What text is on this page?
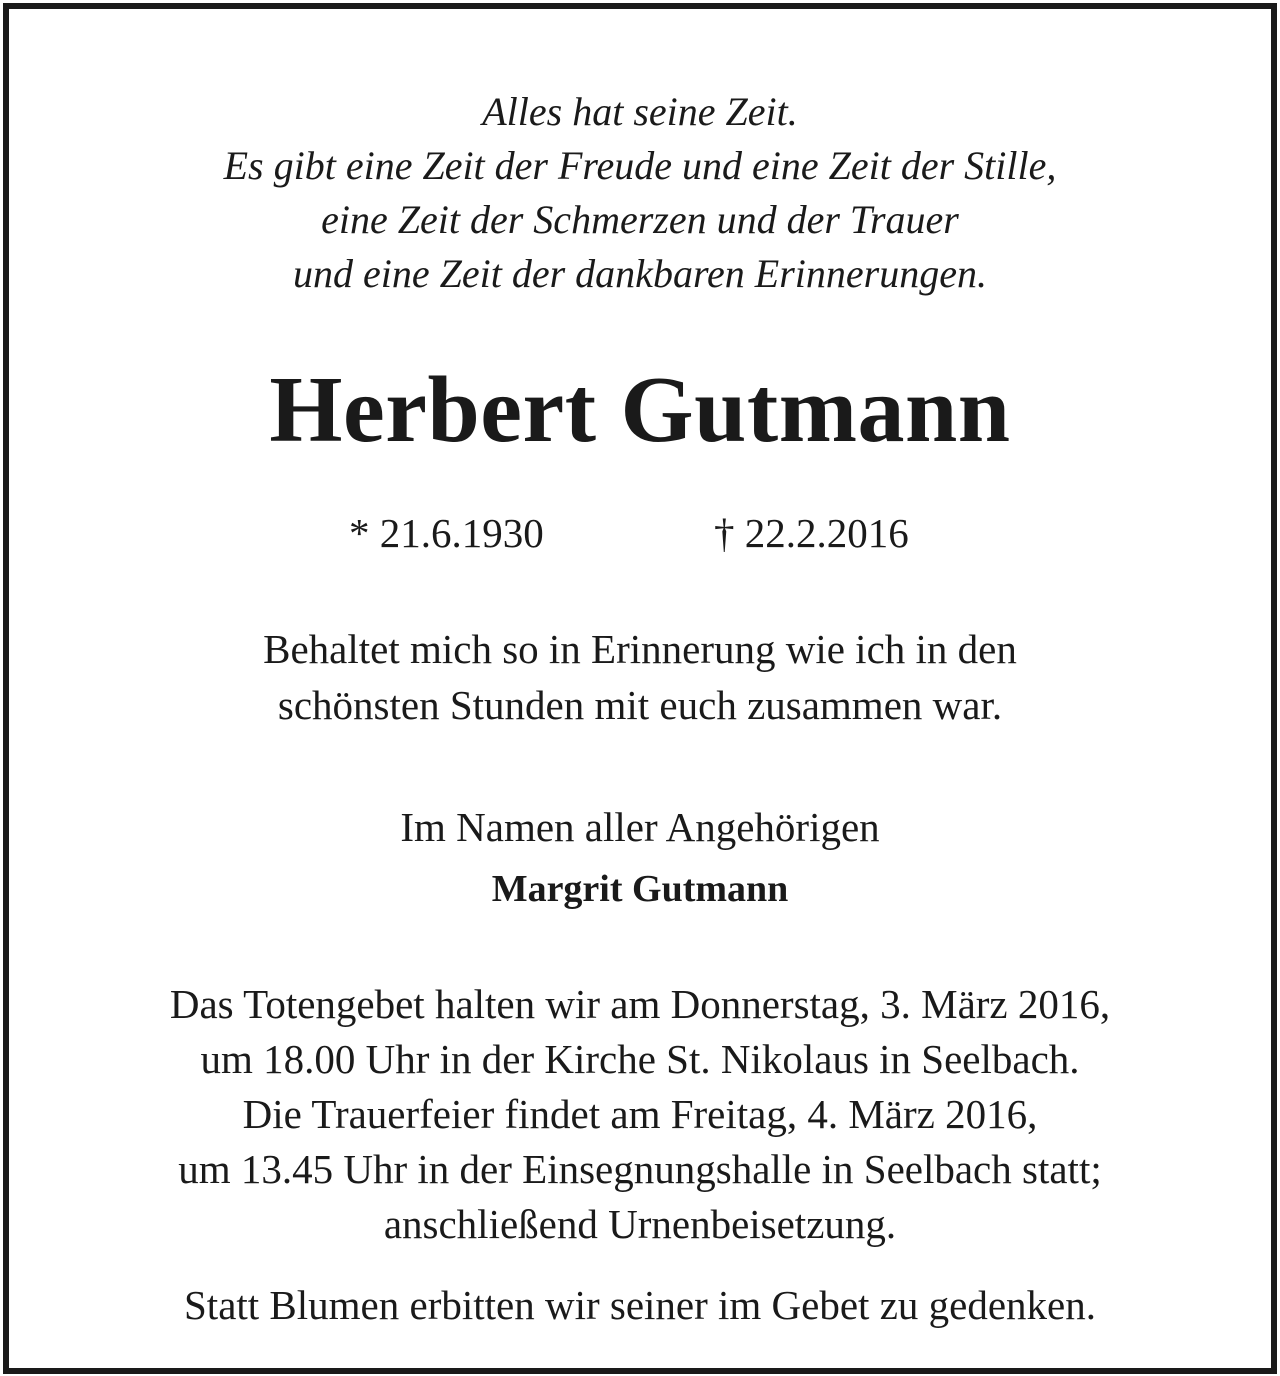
Alles hat seine Zeit.
Es gibt eine Zeit der Freude und eine Zeit der Stille,
eine Zeit der Schmerzen und der Trauer
und eine Zeit der dankbaren Erinnerungen.
Herbert Gutmann
* 21.6.1930	† 22.2.2016
Behaltet mich so in Erinnerung wie ich in den
schönsten Stunden mit euch zusammen war.
Im Namen aller Angehörigen
Margrit Gutmann
Das Totengebet halten wir am Donnerstag, 3. März 2016,
um 18.00 Uhr in der Kirche St. Nikolaus in Seelbach.
Die Trauerfeier findet am Freitag, 4. März 2016,
um 13.45 Uhr in der Einsegnungshalle in Seelbach statt;
anschließend Urnenbeisetzung.
Statt Blumen erbitten wir seiner im Gebet zu gedenken.
